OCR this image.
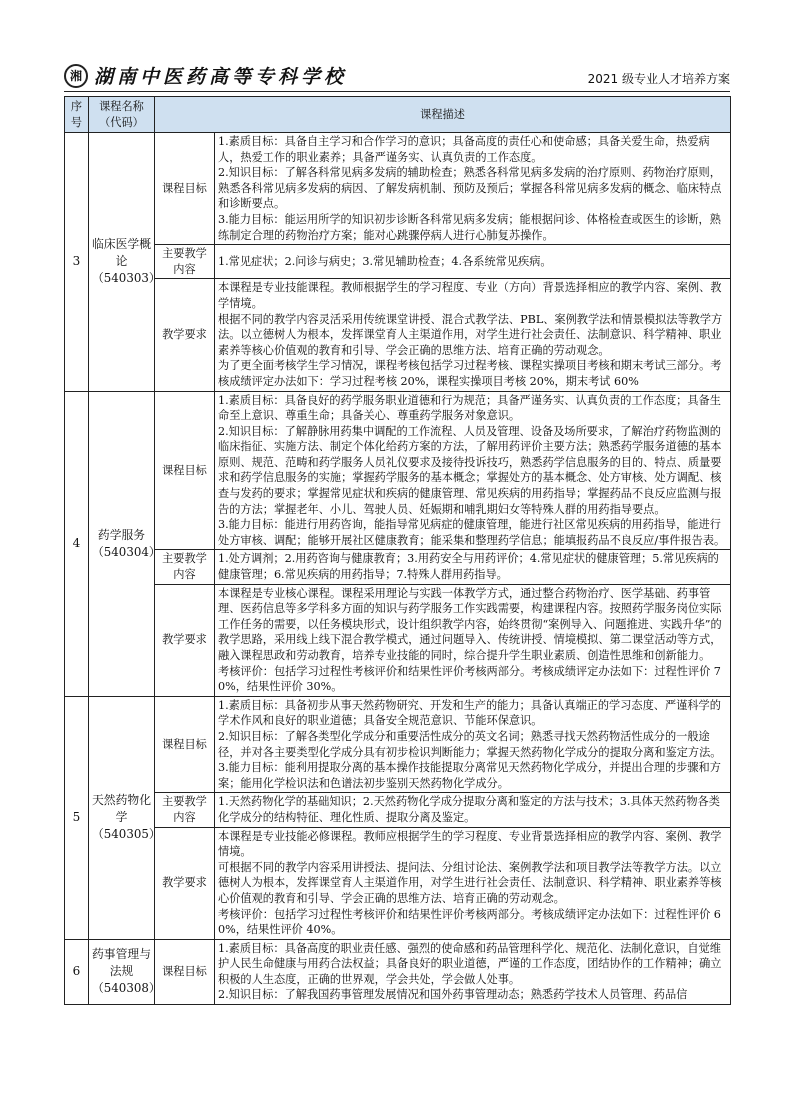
湘 湖南中医药高等专科学校	2021 级专业人才培养方案
序号	课程名称（代码）	课程描述	
3	临床医学概论（540303）	课程目标	1.素质目标：具备自主学习和合作学习的意识；具备高度的责任心和使命感；具备关爱生命，热爱病人，热爱工作的职业素养；具备严谨务实、认真负责的工作态度。
2.知识目标：了解各科常见病多发病的辅助检查；熟悉各科常见病多发病的治疗原则、药物治疗原则，熟悉各科常见病多发病的病因、了解发病机制、预防及预后；掌握各科常见病多发病的概念、临床特点和诊断要点。
3.能力目标：能运用所学的知识初步诊断各科常见病多发病；能根据问诊、体格检查或医生的诊断，熟练制定合理的药物治疗方案；能对心跳骤停病人进行心肺复苏操作。

		主要教学内容	1.常见症状；2.问诊与病史；3.常见辅助检查；4.各系统常见疾病。

		教学要求	本课程是专业技能课程。教师根据学生的学习程度、专业（方向）背景选择相应的教学内容、案例、教学情境。
根据不同的教学内容灵活采用传统课堂讲授、混合式教学法、PBL、案例教学法和情景模拟法等教学方法。以立德树人为根本，发挥课堂育人主渠道作用，对学生进行社会责任、法制意识、科学精神、职业素养等核心价值观的教育和引导、学会正确的思维方法、培育正确的劳动观念。
为了更全面考核学生学习情况，课程考核包括学习过程考核、课程实操项目考核和期末考试三部分。考核成绩评定办法如下：学习过程考核 20%，课程实操项目考核 20%，期末考试 60%

4	药学服务（540304）	课程目标	1.素质目标：具备良好的药学服务职业道德和行为规范；具备严谨务实、认真负责的工作态度；具备生命至上意识、尊重生命；具备关心、尊重药学服务对象意识。
2.知识目标：了解静脉用药集中调配的工作流程、人员及管理、设备及场所要求，了解治疗药物监测的临床指征、实施方法、制定个体化给药方案的方法，了解用药评价主要方法；熟悉药学服务道德的基本原则、规范、范畴和药学服务人员礼仪要求及接待投诉技巧，熟悉药学信息服务的目的、特点、质量要求和药学信息服务的实施；掌握药学服务的基本概念；掌握处方的基本概念、处方审核、处方调配、核查与发药的要求；掌握常见症状和疾病的健康管理、常见疾病的用药指导；掌握药品不良反应监测与报告的方法；掌握老年、小儿、驾驶人员、妊娠期和哺乳期妇女等特殊人群的用药指导要点。
3.能力目标：能进行用药咨询，能指导常见病症的健康管理，能进行社区常见疾病的用药指导，能进行处方审核、调配；能够开展社区健康教育；能采集和整理药学信息；能填报药品不良反应/事件报告表。

		主要教学内容	1.处方调剂；2.用药咨询与健康教育；3.用药安全与用药评价；4.常见症状的健康管理；5.常见疾病的健康管理；6.常见疾病的用药指导；7.特殊人群用药指导。

		教学要求	本课程是专业核心课程。课程采用理论与实践一体教学方式，通过整合药物治疗、医学基础、药事管理、医药信息等多学科多方面的知识与药学服务工作实践需要，构建课程内容。按照药学服务岗位实际工作任务的需要，以任务模块形式，设计组织教学内容，始终贯彻“案例导入、问题推进、实践升华”的教学思路，采用线上线下混合教学模式，通过问题导入、传统讲授、情境模拟、第二课堂活动等方式，融入课程思政和劳动教育，培养专业技能的同时，综合提升学生职业素质、创造性思维和创新能力。
考核评价：包括学习过程性考核评价和结果性评价考核两部分。考核成绩评定办法如下：过程性评价 70%，结果性评价 30%。

5	天然药物化学（540305）	课程目标	1.素质目标：具备初步从事天然药物研究、开发和生产的能力；具备认真端正的学习态度、严谨科学的学术作风和良好的职业道德；具备安全规范意识、节能环保意识。
2.知识目标：了解各类型化学成分和重要活性成分的英文名词；熟悉寻找天然药物活性成分的一般途径，并对各主要类型化学成分具有初步检识判断能力；掌握天然药物化学成分的提取分离和鉴定方法。
3.能力目标：能利用提取分离的基本操作技能提取分离常见天然药物化学成分，并提出合理的步骤和方案；能用化学检识法和色谱法初步鉴别天然药物化学成分。

		主要教学内容	1.天然药物化学的基础知识；2.天然药物化学成分提取分离和鉴定的方法与技术；3.具体天然药物各类化学成分的结构特征、理化性质、提取分离及鉴定。

		教学要求	本课程是专业技能必修课程。教师应根据学生的学习程度、专业背景选择相应的教学内容、案例、教学情境。
可根据不同的教学内容采用讲授法、提问法、分组讨论法、案例教学法和项目教学法等教学方法。以立德树人为根本，发挥课堂育人主渠道作用，对学生进行社会责任、法制意识、科学精神、职业素养等核心价值观的教育和引导、学会正确的思维方法、培育正确的劳动观念。
考核评价：包括学习过程性考核评价和结果性评价考核两部分。考核成绩评定办法如下：过程性评价 60%，结果性评价 40%。

6	药事管理与法规（540308）	课程目标	1.素质目标：具备高度的职业责任感、强烈的使命感和药品管理科学化、规范化、法制化意识，自觉维护人民生命健康与用药合法权益；具备良好的职业道德，严谨的工作态度，团结协作的工作精神；确立积极的人生态度，正确的世界观，学会共处，学会做人处事。
2.知识目标：了解我国药事管理发展情况和国外药事管理动态；熟悉药学技术人员管理、药品信
